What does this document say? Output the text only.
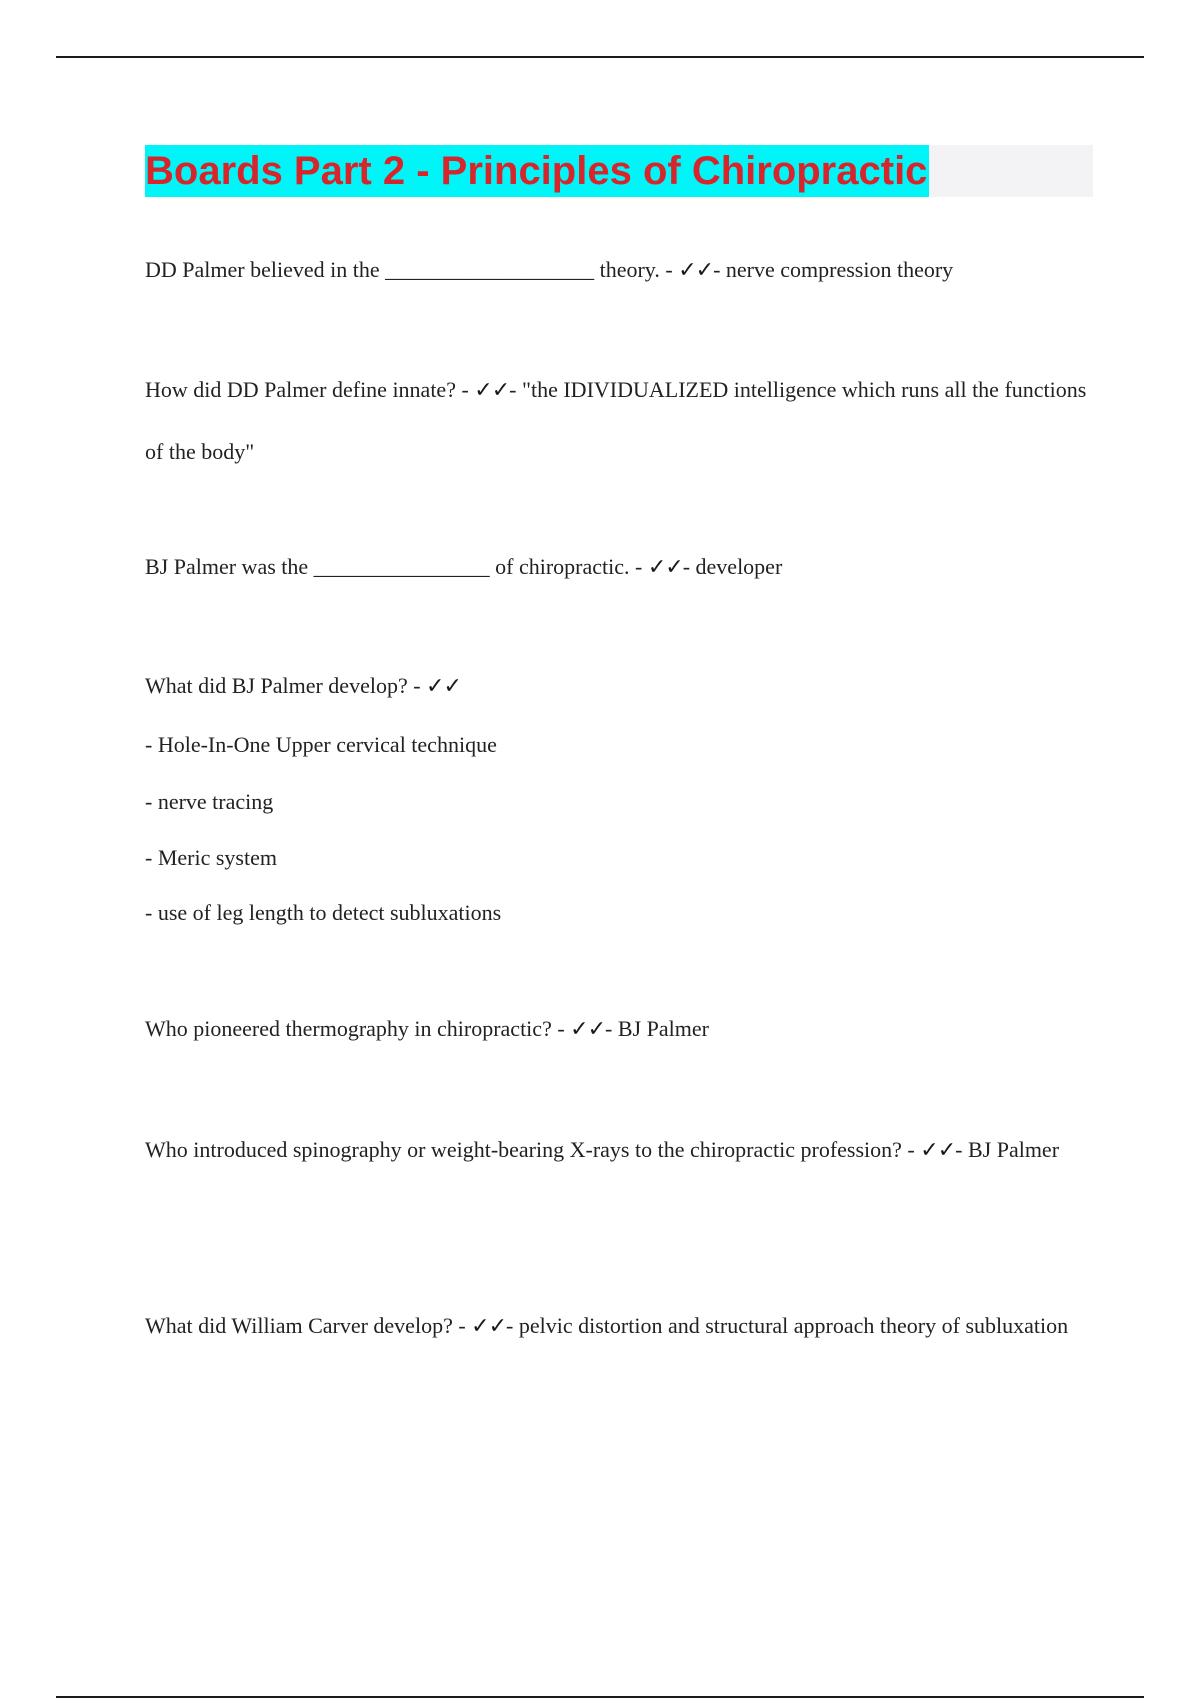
Boards Part 2 - Principles of Chiropractic

DD Palmer believed in the ___________________ theory. - ✓✓- nerve compression theory

How did DD Palmer define innate? - ✓✓- "the IDIVIDUALIZED intelligence which runs all the functions of the body"

BJ Palmer was the ________________ of chiropractic. - ✓✓- developer

What did BJ Palmer develop? - ✓✓

- Hole-In-One Upper cervical technique

- nerve tracing

- Meric system

- use of leg length to detect subluxations

Who pioneered thermography in chiropractic? - ✓✓- BJ Palmer

Who introduced spinography or weight-bearing X-rays to the chiropractic profession? - ✓✓- BJ Palmer

What did William Carver develop? - ✓✓- pelvic distortion and structural approach theory of subluxation
